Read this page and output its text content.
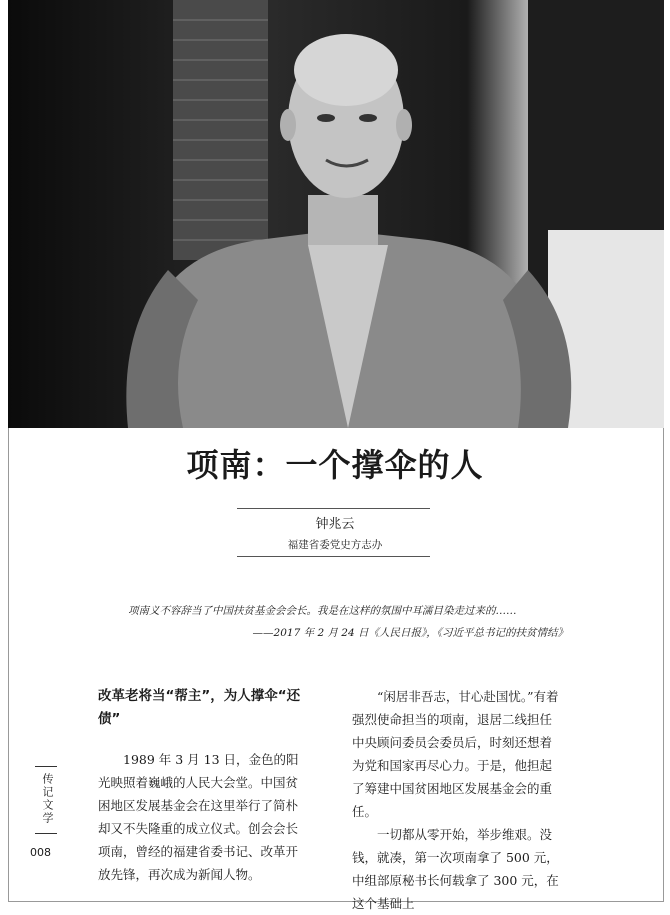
项南：一个撑伞的人
钟兆云
福建省委党史方志办
项南义不容辞当了中国扶贫基金会会长。我是在这样的氛围中耳濡目染走过来的……
——2017 年 2 月 24 日《人民日报》，《习近平总书记的扶贫情结》
改革老将当“帮主”，为人撑伞“还债”

1989 年 3 月 13 日，金色的阳光映照着巍峨的人民大会堂。中国贫困地区发展基金会在这里举行了简朴却又不失隆重的成立仪式。创会会长项南，曾经的福建省委书记、改革开放先锋，再次成为新闻人物。

“闲居非吾志，甘心赴国忧。”有着强烈使命担当的项南，退居二线担任中央顾问委员会委员后，时刻还想着为党和国家再尽心力。于是，他担起了筹建中国贫困地区发展基金会的重任。

一切都从零开始，举步维艰。没钱，就凑，第一次项南拿了 500 元，中组部原秘书长何载拿了 300 元，在这个基础上

传记文学
008
